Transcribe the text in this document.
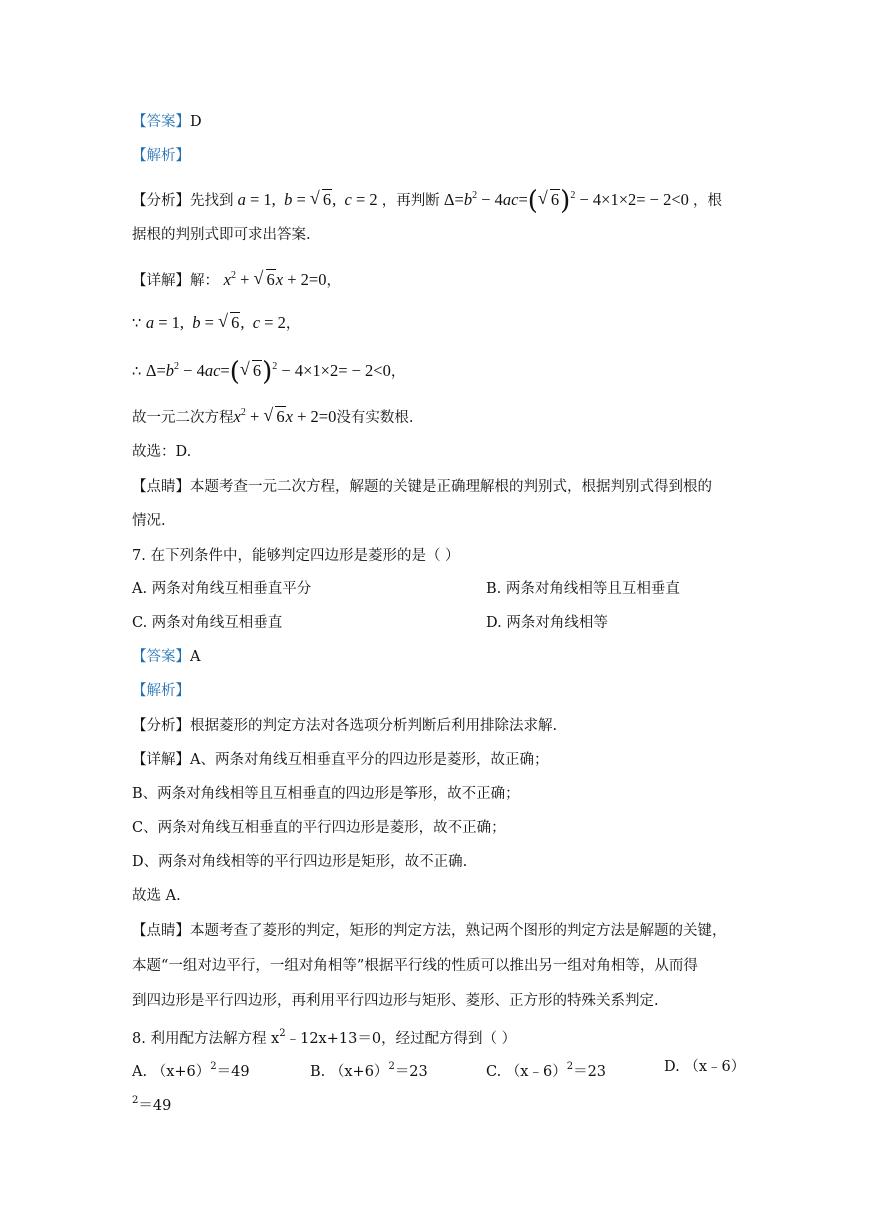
【答案】D
【解析】
【分析】先找到 a = 1,  b = √ 6,  c = 2 ，再判断 $\Delta=b^2 - 4ac=(√$ 6)$^2$ − 4×1×2= − 2<0 ，根
据根的判别式即可求出答案.
【详解】解： $x^2$ + √ 6x + 2=0，
∵ a = 1,  b = √ 6,  c = 2，
∴ $\Delta=b^2 - 4ac=(√$ 6)$^2$ − 4×1×2= − 2<0，
故一元二次方程$x^2$ + √ 6x + 2=0没有实数根.
故选：D.
【点睛】本题考查一元二次方程，解题的关键是正确理解根的判别式，根据判别式得到根的
情况.
7. 在下列条件中，能够判定四边形是菱形的是（ ）
A. 两条对角线互相垂直平分	B. 两条对角线相等且互相垂直
C. 两条对角线互相垂直	D. 两条对角线相等
【答案】A
【解析】
【分析】根据菱形的判定方法对各选项分析判断后利用排除法求解.
【详解】A、两条对角线互相垂直平分的四边形是菱形，故正确；
B、两条对角线相等且互相垂直的四边形是筝形，故不正确；
C、两条对角线互相垂直的平行四边形是菱形，故不正确；
D、两条对角线相等的平行四边形是矩形，故不正确.
故选 A.
【点睛】本题考查了菱形的判定，矩形的判定方法，熟记两个图形的判定方法是解题的关键，
本题“一组对边平行，一组对角相等”根据平行线的性质可以推出另一组对角相等，从而得
到四边形是平行四边形，再利用平行四边形与矩形、菱形、正方形的特殊关系判定.
8. 利用配方法解方程 $x^2﹣12x+13=0$，经过配方得到（ ）
A. $(x+6)^2=49$	B. $(x+6)^2=23$	C. （x﹣6）$^2$＝23	D. （x﹣6）
$^2$＝49
